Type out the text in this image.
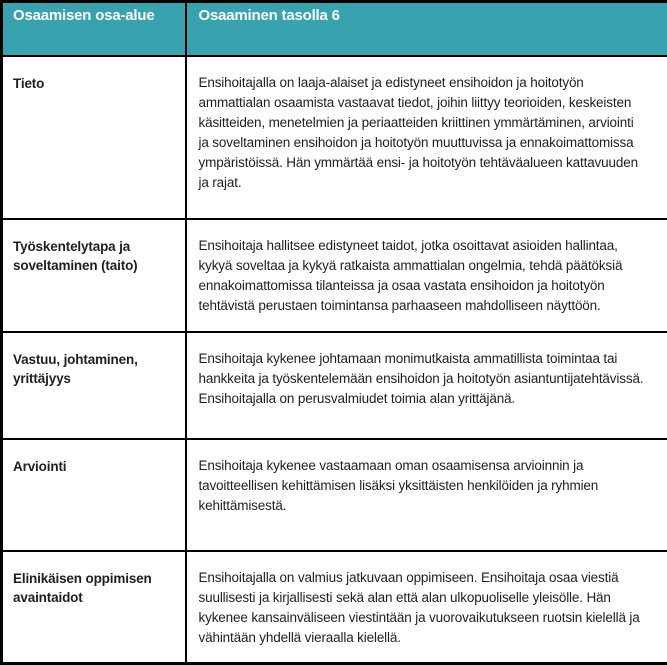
Osaamisen osa-alue	Osaaminen tasolla 6
Tieto	Ensihoitajalla on laaja-alaiset ja edistyneet ensihoidon ja hoitotyön ammattialan osaamista vastaavat tiedot, joihin liittyy teorioiden, keskeisten käsitteiden, menetelmien ja periaatteiden kriittinen ymmärtäminen, arviointi ja soveltaminen ensihoidon ja hoitotyön muuttuvissa ja ennakoimattomissa ympäristöissä. Hän ymmärtää ensi- ja hoitotyön tehtäväalueen kattavuuden ja rajat.
Työskentelytapa ja soveltaminen (taito)	Ensihoitaja hallitsee edistyneet taidot, jotka osoittavat asioiden hallintaa, kykyä soveltaa ja kykyä ratkaista ammattialan ongelmia, tehdä päätöksiä ennakoimattomissa tilanteissa ja osaa vastata ensihoidon ja hoitotyön tehtävistä perustaen toimintansa parhaaseen mahdolliseen näyttöön.
Vastuu, johtaminen, yrittäjyys	Ensihoitaja kykenee johtamaan monimutkaista ammatillista toimintaa tai hankkeita ja työskentelemään ensihoidon ja hoitotyön asiantuntijatehtävissä. Ensihoitajalla on perusvalmiudet toimia alan yrittäjänä.
Arviointi	Ensihoitaja kykenee vastaamaan oman osaamisensa arvioinnin ja tavoitteellisen kehittämisen lisäksi yksittäisten henkilöiden ja ryhmien kehittämisestä.
Elinikäisen oppimisen avaintaidot	Ensihoitajalla on valmius jatkuvaan oppimiseen. Ensihoitaja osaa viestiä suullisesti ja kirjallisesti sekä alan että alan ulkopuoliselle yleisölle. Hän kykenee kansainväliseen viestintään ja vuorovaikutukseen ruotsin kielellä ja vähintään yhdellä vieraalla kielellä.
